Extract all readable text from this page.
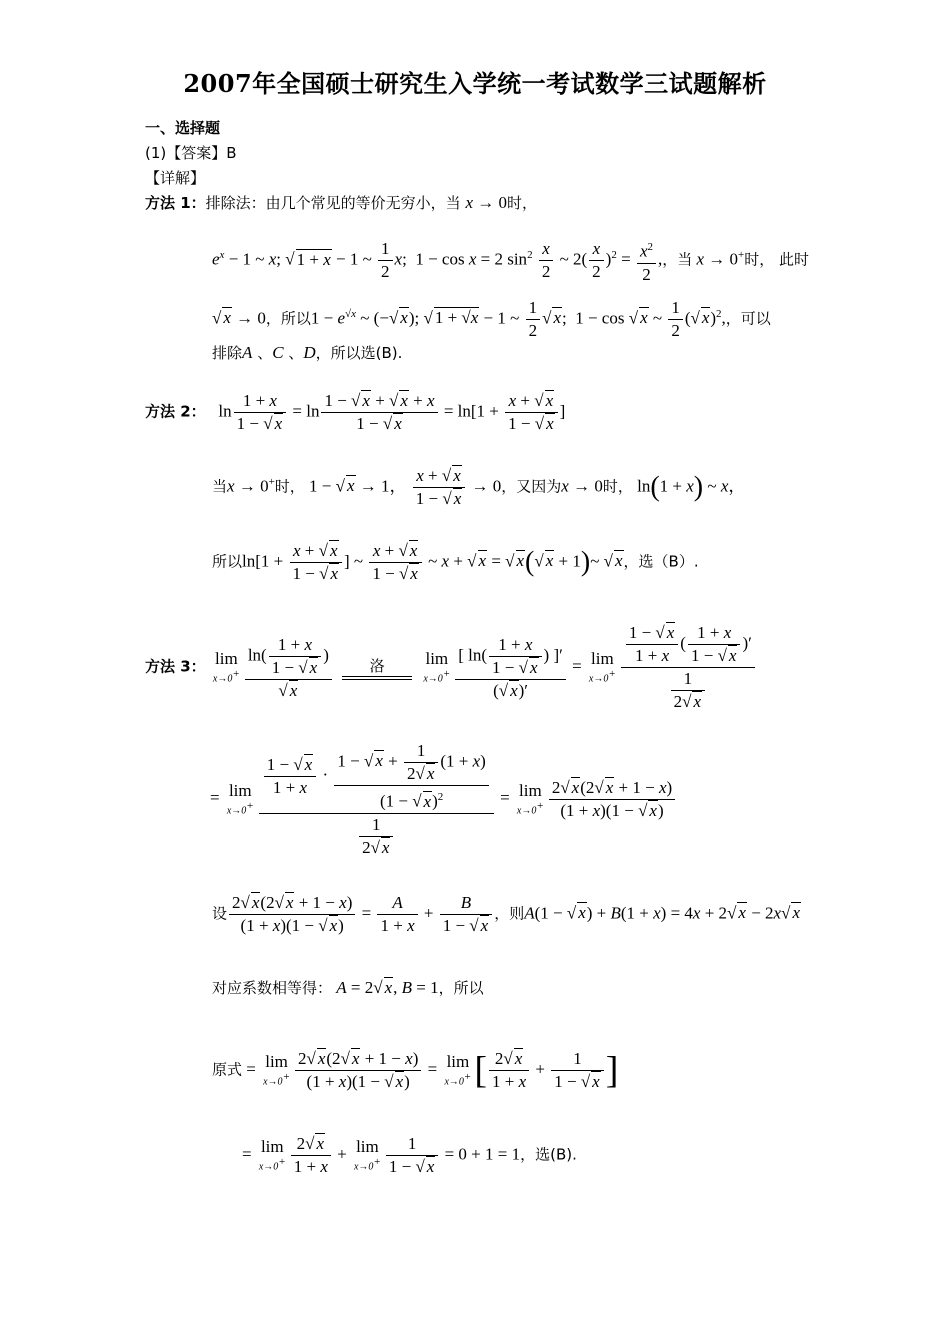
2007年全国硕士研究生入学统一考试数学三试题解析
一、选择题
(1)【答案】B
【详解】
方法 1：排除法：由几个常见的等价无穷小，当 x → 0时，
$e^x - 1$ ~ x; √ 1 + x − 1 ~ $\frac{1}{2} x$;  1 − cos x = 2 $\sin^2 \frac{x}{2}$ ~ $2( \frac{x}{2} )^2 = \frac{x^2}{2}$ ,，当 x → 0+时， 此时
√ x → 0，所以$1 - e^{√x}$ ~ (−√ x); √ 1 + √x − 1 ~ $\frac{1}{2}$ √ x;  1 − cos √ x ~ $\frac{1}{2}$ (√ x)$^2$,，可以
排除A 、C 、D，所以选(B).
方法 2：   $\ln \frac{1 + x}{1 - √ x} = \ln \frac{1 - √ x + √ x + x}{1 - √ x} = \ln[1 + \frac{x + √ x}{1 - √ x}$ ]
当x → 0+时， 1 − √ x → 1， $\frac{x + √ x}{1 - √ x} \to 0$，又因为x → 0时， ln(1 + x) ~ x，
所以$\ln[1 + \frac{x + √ x}{1 - √ x}$ ] ~ $\frac{x + √ x}{1 - √ x}$ ~ x + √ x = √ x(√ x + 1)~ √ x，选（B）.
方法 3： lim
$x\to 0^+ \frac{\ln( \frac{1 + x}{1 - √ x} )}{√ x}$
	洛
	lim
$x\to 0^+ \frac{[ \ln( \frac{1 + x}{1 - √ x} ) ]'}{(√ x)'} = \lim$
$x\to 0^+ \frac{\frac{1 - √ x}{1 + x} ( \frac{1 + x}{1 - √ x} )'}{\frac{1}{2√ x}}$
= lim
$x\to 0^+ \frac{\frac{1 - √ x}{1 + x} \cdot \frac{1 - √ x + \frac{1}{2√ x} (1 + x)}{(1 - √ x)^2}}{\frac{1}{2√ x}} = \lim$
$x\to 0^+ \frac{2√ x(2√ x + 1 - x)}{(1 + x)(1 - √ x)}$
设 $\frac{2√ x(2√ x + 1 - x)}{(1 + x)(1 - √ x)} = \frac{A}{1 + x} + \frac{B}{1 - √ x}$ ，则A(1 − √ x) + B(1 + x) = 4x + 2√ x − 2x√ x
对应系数相等得： A = 2√ x, B = 1，所以
原式 = lim
$x\to 0^+ \frac{2√ x(2√ x + 1 - x)}{(1 + x)(1 - √ x)} = \lim$
x→0+ [ $\frac{2√ x}{1 + x} + \frac{1}{1 - √ x}$ ]
= lim
$x\to 0^+ \frac{2√ x}{1 + x} + \lim$
$x\to 0^+ \frac{1}{1 - √ x} = 0 + 1 = 1$，选(B).
